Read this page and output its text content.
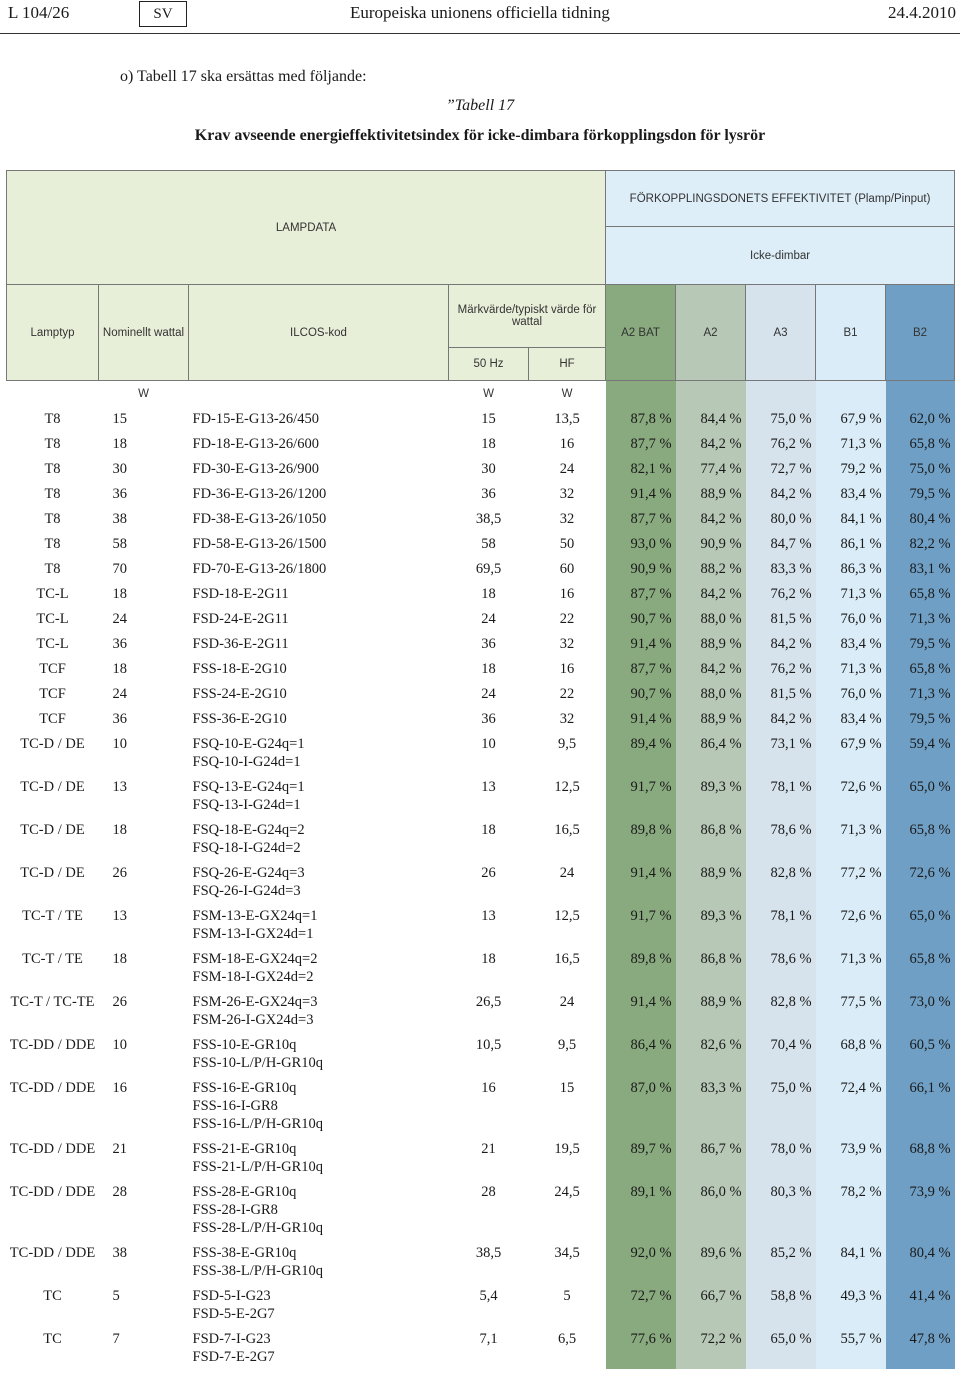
L 104/26	SV	Europeiska unionens officiella tidning	24.4.2010
o) Tabell 17 ska ersättas med följande:
”Tabell 17
Krav avseende energieffektivitetsindex för icke-dimbara förkopplingsdon för lysrör
LAMPDATA					FÖRKOPPLINGSDONETS EFFEKTIVITET (Plamp/Pinput)				
					Icke-dimbar				
Lamptyp	Nominellt wattal	ILCOS-kod	Märkvärde/typiskt värde för wattal		A2 BAT	A2	A3	B1	B2
			50 Hz	HF					
	W		W	W					
T8	15	FD-15-E-G13-26/450	15	13,5	87,8 %	84,4 %	75,0 %	67,9 %	62,0 %
T8	18	FD-18-E-G13-26/600	18	16	87,7 %	84,2 %	76,2 %	71,3 %	65,8 %
T8	30	FD-30-E-G13-26/900	30	24	82,1 %	77,4 %	72,7 %	79,2 %	75,0 %
T8	36	FD-36-E-G13-26/1200	36	32	91,4 %	88,9 %	84,2 %	83,4 %	79,5 %
T8	38	FD-38-E-G13-26/1050	38,5	32	87,7 %	84,2 %	80,0 %	84,1 %	80,4 %
T8	58	FD-58-E-G13-26/1500	58	50	93,0 %	90,9 %	84,7 %	86,1 %	82,2 %
T8	70	FD-70-E-G13-26/1800	69,5	60	90,9 %	88,2 %	83,3 %	86,3 %	83,1 %
TC-L	18	FSD-18-E-2G11	18	16	87,7 %	84,2 %	76,2 %	71,3 %	65,8 %
TC-L	24	FSD-24-E-2G11	24	22	90,7 %	88,0 %	81,5 %	76,0 %	71,3 %
TC-L	36	FSD-36-E-2G11	36	32	91,4 %	88,9 %	84,2 %	83,4 %	79,5 %
TCF	18	FSS-18-E-2G10	18	16	87,7 %	84,2 %	76,2 %	71,3 %	65,8 %
TCF	24	FSS-24-E-2G10	24	22	90,7 %	88,0 %	81,5 %	76,0 %	71,3 %
TCF	36	FSS-36-E-2G10	36	32	91,4 %	88,9 %	84,2 %	83,4 %	79,5 %
TC-D / DE	10	FSQ-10-E-G24q=1
FSQ-10-I-G24d=1	10	9,5	89,4 %	86,4 %	73,1 %	67,9 %	59,4 %
TC-D / DE	13	FSQ-13-E-G24q=1
FSQ-13-I-G24d=1	13	12,5	91,7 %	89,3 %	78,1 %	72,6 %	65,0 %
TC-D / DE	18	FSQ-18-E-G24q=2
FSQ-18-I-G24d=2	18	16,5	89,8 %	86,8 %	78,6 %	71,3 %	65,8 %
TC-D / DE	26	FSQ-26-E-G24q=3
FSQ-26-I-G24d=3	26	24	91,4 %	88,9 %	82,8 %	77,2 %	72,6 %
TC-T / TE	13	FSM-13-E-GX24q=1
FSM-13-I-GX24d=1	13	12,5	91,7 %	89,3 %	78,1 %	72,6 %	65,0 %
TC-T / TE	18	FSM-18-E-GX24q=2
FSM-18-I-GX24d=2	18	16,5	89,8 %	86,8 %	78,6 %	71,3 %	65,8 %
TC-T / TC-TE	26	FSM-26-E-GX24q=3
FSM-26-I-GX24d=3	26,5	24	91,4 %	88,9 %	82,8 %	77,5 %	73,0 %
TC-DD / DDE	10	FSS-10-E-GR10q
FSS-10-L/P/H-GR10q	10,5	9,5	86,4 %	82,6 %	70,4 %	68,8 %	60,5 %
TC-DD / DDE	16	FSS-16-E-GR10q
FSS-16-I-GR8
FSS-16-L/P/H-GR10q	16	15	87,0 %	83,3 %	75,0 %	72,4 %	66,1 %
TC-DD / DDE	21	FSS-21-E-GR10q
FSS-21-L/P/H-GR10q	21	19,5	89,7 %	86,7 %	78,0 %	73,9 %	68,8 %
TC-DD / DDE	28	FSS-28-E-GR10q
FSS-28-I-GR8
FSS-28-L/P/H-GR10q	28	24,5	89,1 %	86,0 %	80,3 %	78,2 %	73,9 %
TC-DD / DDE	38	FSS-38-E-GR10q
FSS-38-L/P/H-GR10q	38,5	34,5	92,0 %	89,6 %	85,2 %	84,1 %	80,4 %
TC	5	FSD-5-I-G23
FSD-5-E-2G7	5,4	5	72,7 %	66,7 %	58,8 %	49,3 %	41,4 %
TC	7	FSD-7-I-G23
FSD-7-E-2G7	7,1	6,5	77,6 %	72,2 %	65,0 %	55,7 %	47,8 %
